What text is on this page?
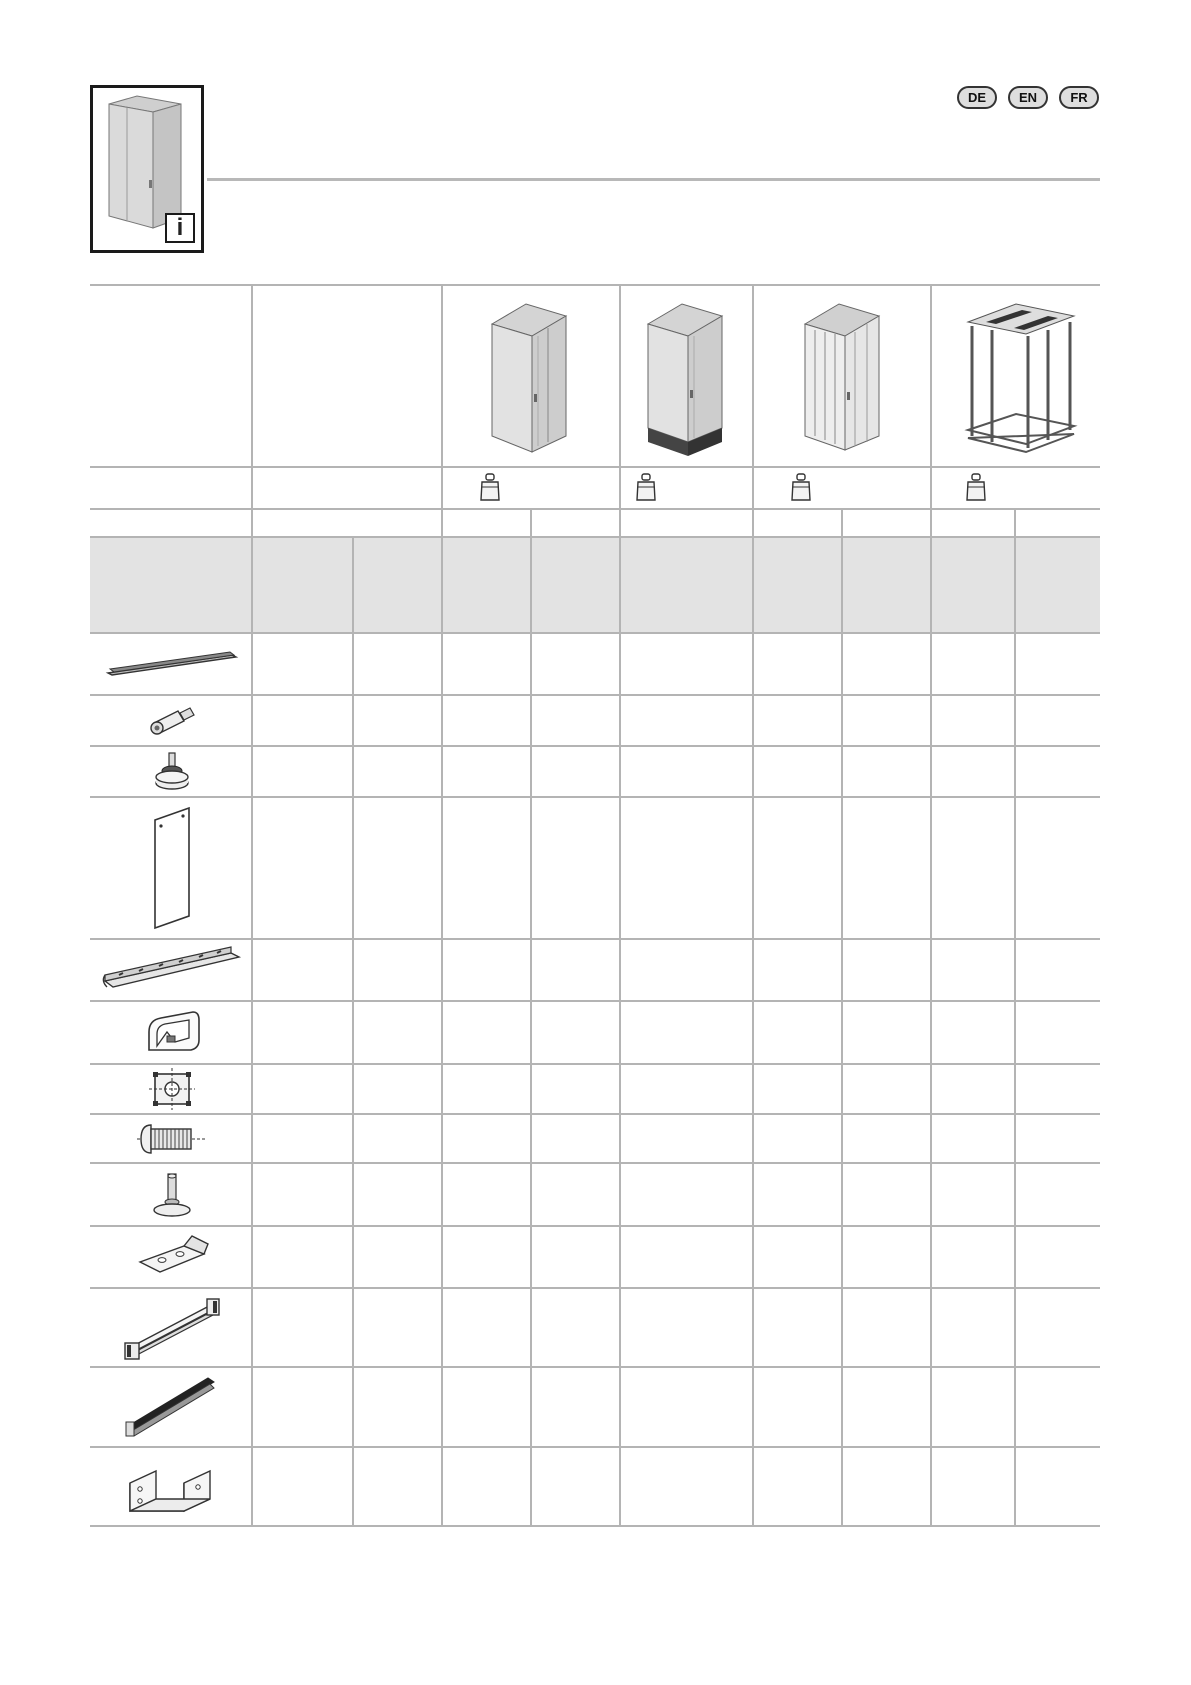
i
DE	EN	FR
